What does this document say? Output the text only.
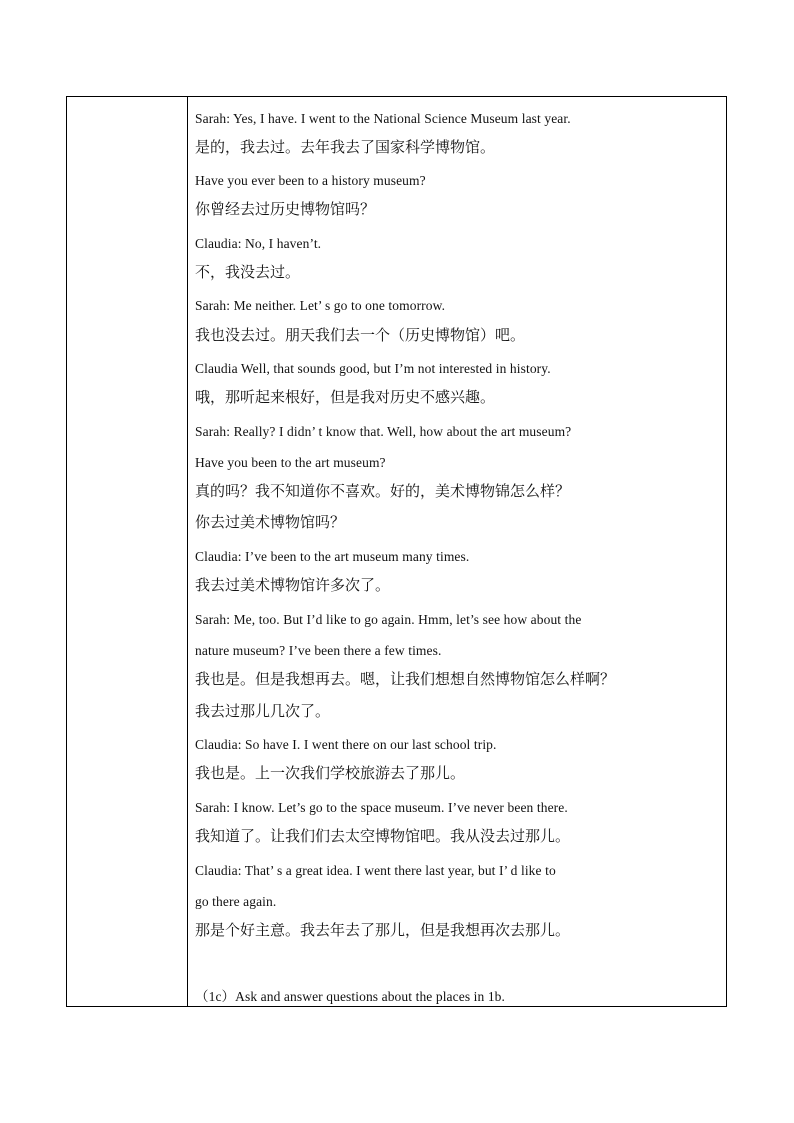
Sarah: Yes, I have. I went to the National Science Museum last year.
是的，我去过。去年我去了国家科学博物馆。
Have you ever been to a history museum?
你曾经去过历史博物馆吗？
Claudia: No, I haven’t.
不，我没去过。
Sarah: Me neither. Let’ s go to one tomorrow.
我也没去过。朋天我们去一个（历史博物馆）吧。
Claudia Well, that sounds good, but I’m not interested in history.
哦，那听起来根好，但是我对历史不感兴趣。
Sarah: Really? I didn’ t know that. Well, how about the art museum?
Have you been to the art museum?
真的吗？我不知道你不喜欢。好的，美术博物锦怎么样？
你去过美术博物馆吗？
Claudia: I’ve been to the art museum many times.
我去过美术博物馆许多次了。
Sarah: Me, too. But I’d like to go again. Hmm, let’s see how about the
nature museum? I’ve been there a few times.
我也是。但是我想再去。嗯，让我们想想自然博物馆怎么样啊？
我去过那儿几次了。
Claudia: So have I. I went there on our last school trip.
我也是。上一次我们学校旅游去了那儿。
Sarah: I know. Let’s go to the space museum. I’ve never been there.
我知道了。让我们们去太空博物馆吧。我从没去过那儿。
Claudia: That’ s a great idea. I went there last year, but I’ d like to
go there again.
那是个好主意。我去年去了那儿，但是我想再次去那儿。
（1c）Ask and answer questions about the places in 1b.
